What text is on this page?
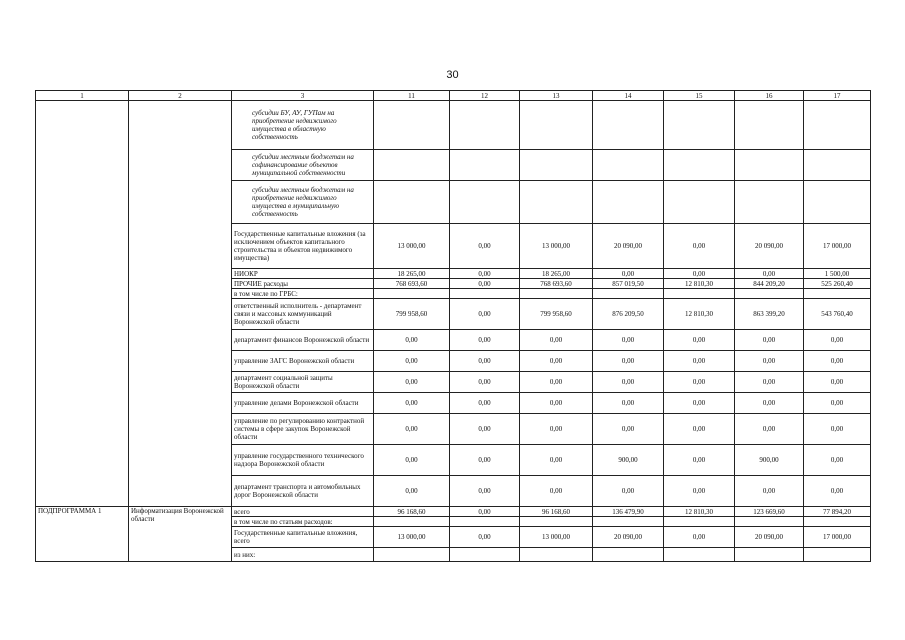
30
1	2	3	11	12	13	14	15	16	17
		субсидии БУ, АУ, ГУПам на приобретение недвижимого имущества в областную собственность							
		субсидии местным бюджетам на софинансирование объектов муниципальной собственности							
		субсидии местным бюджетам на приобретение недвижимого имущества в муниципальную собственность							
		Государственные капитальные вложения (за исключением объектов капитального строительства и объектов недвижимого имущества)	13 000,00	0,00	13 000,00	20 090,00	0,00	20 090,00	17 000,00
		НИОКР	18 265,00	0,00	18 265,00	0,00	0,00	0,00	1 500,00
		ПРОЧИЕ расходы	768 693,60	0,00	768 693,60	857 019,50	12 810,30	844 209,20	525 260,40
		в том числе по ГРБС:							
		ответственный исполнитель - департамент связи и массовых коммуникаций Воронежской области	799 958,60	0,00	799 958,60	876 209,50	12 810,30	863 399,20	543 760,40
		департамент финансов Воронежской области	0,00	0,00	0,00	0,00	0,00	0,00	0,00
		управление ЗАГС Воронежской области	0,00	0,00	0,00	0,00	0,00	0,00	0,00
		департамент социальной защиты Воронежской области	0,00	0,00	0,00	0,00	0,00	0,00	0,00
		управление делами Воронежской области	0,00	0,00	0,00	0,00	0,00	0,00	0,00
		управление по регулированию контрактной системы в сфере закупок Воронежской области	0,00	0,00	0,00	0,00	0,00	0,00	0,00
		управление государственного технического надзора Воронежской области	0,00	0,00	0,00	900,00	0,00	900,00	0,00
		департамент транспорта и автомобильных дорог Воронежской области	0,00	0,00	0,00	0,00	0,00	0,00	0,00
ПОДПРОГРАММА 1	Информатизация Воронежской области	всего	96 168,60	0,00	96 168,60	136 479,90	12 810,30	123 669,60	77 894,20
		в том числе по статьям расходов:							
		Государственные капитальные вложения, всего	13 000,00	0,00	13 000,00	20 090,00	0,00	20 090,00	17 000,00
		из них:							
